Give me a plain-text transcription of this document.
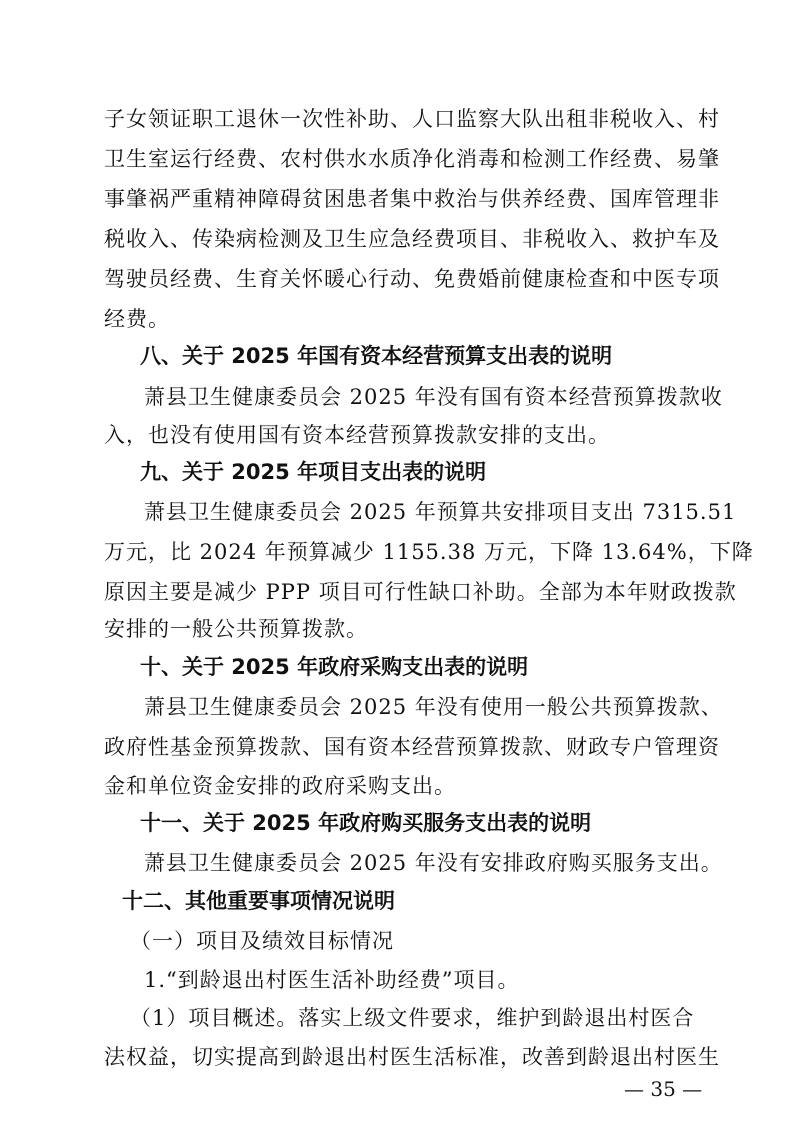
子女领证职工退休一次性补助、人口监察大队出租非税收入、村
卫生室运行经费、农村供水水质净化消毒和检测工作经费、易肇
事肇祸严重精神障碍贫困患者集中救治与供养经费、国库管理非
税收入、传染病检测及卫生应急经费项目、非税收入、救护车及
驾驶员经费、生育关怀暖心行动、免费婚前健康检查和中医专项
经费。
八、关于 2025 年国有资本经营预算支出表的说明
萧县卫生健康委员会 2025 年没有国有资本经营预算拨款收
入，也没有使用国有资本经营预算拨款安排的支出。
九、关于 2025 年项目支出表的说明
萧县卫生健康委员会 2025 年预算共安排项目支出 7315.51
万元，比 2024 年预算减少 1155.38 万元，下降 13.64%，下降
原因主要是减少 PPP 项目可行性缺口补助。全部为本年财政拨款
安排的一般公共预算拨款。
十、关于 2025 年政府采购支出表的说明
萧县卫生健康委员会 2025 年没有使用一般公共预算拨款、
政府性基金预算拨款、国有资本经营预算拨款、财政专户管理资
金和单位资金安排的政府采购支出。
十一、关于 2025 年政府购买服务支出表的说明
萧县卫生健康委员会 2025 年没有安排政府购买服务支出。
十二、其他重要事项情况说明
（一）项目及绩效目标情况
1.“到龄退出村医生活补助经费”项目。
（1）项目概述。落实上级文件要求，维护到龄退出村医合
法权益，切实提高到龄退出村医生活标准，改善到龄退出村医生
— 35 —
